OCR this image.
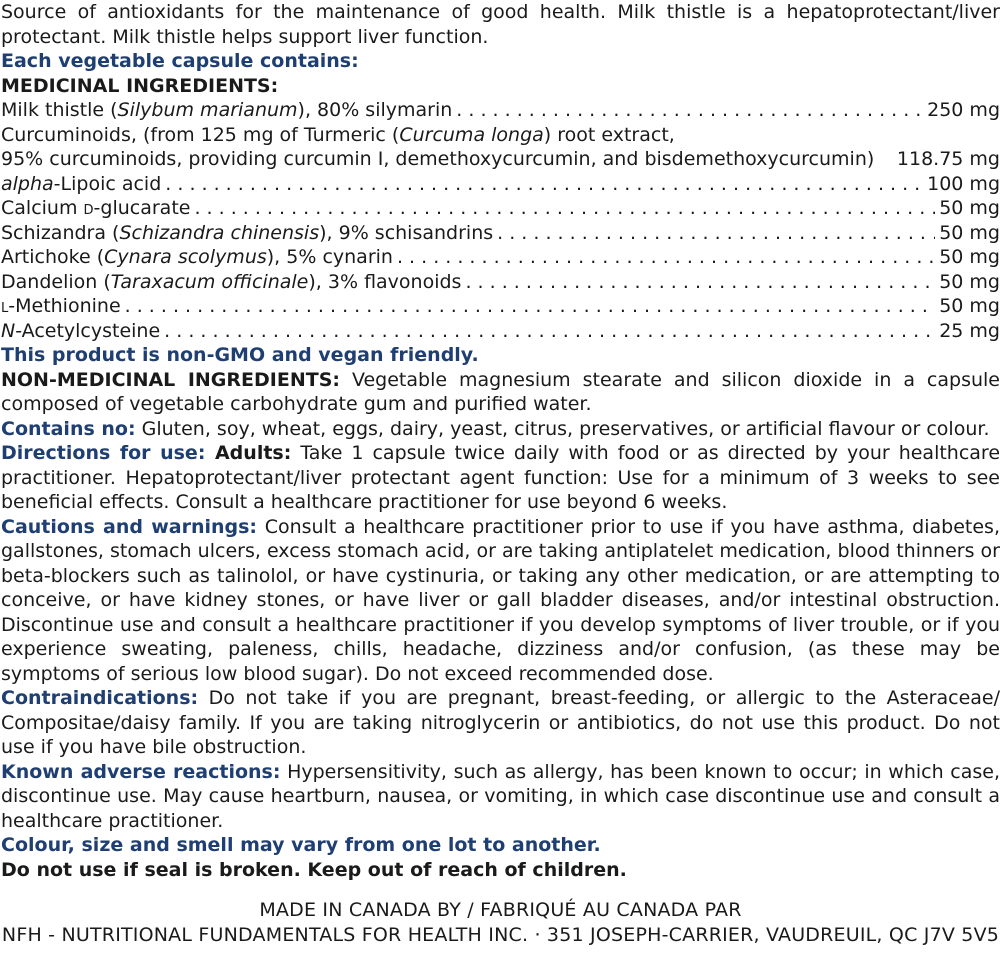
Source of antioxidants for the maintenance of good health. Milk thistle is a hepatoprotectant/liver protectant. Milk thistle helps support liver function.

Each vegetable capsule contains:

MEDICINAL INGREDIENTS:

Milk thistle (Silybum marianum), 80% silymarin . . .	250 mg
Curcuminoids, (from 125 mg of Turmeric (Curcuma longa) root extract,
95% curcuminoids, providing curcumin I, demethoxycurcumin, and bisdemethoxycurcumin) 118.75 mg
alpha-Lipoic acid . . .	100 mg
Calcium d-glucarate . . .	50 mg
Schizandra (Schizandra chinensis), 9% schisandrins . . .	50 mg
Artichoke (Cynara scolymus), 5% cynarin . . .	50 mg
Dandelion (Taraxacum officinale), 3% flavonoids . . .	50 mg
l-Methionine . . .	50 mg
N-Acetylcysteine . . .	25 mg

This product is non-GMO and vegan friendly.

NON-MEDICINAL INGREDIENTS: Vegetable magnesium stearate and silicon dioxide in a capsule composed of vegetable carbohydrate gum and purified water.

Contains no: Gluten, soy, wheat, eggs, dairy, yeast, citrus, preservatives, or artificial flavour or colour.

Directions for use: Adults: Take 1 capsule twice daily with food or as directed by your healthcare practitioner. Hepatoprotectant/liver protectant agent function: Use for a minimum of 3 weeks to see beneficial effects. Consult a healthcare practitioner for use beyond 6 weeks.

Cautions and warnings: Consult a healthcare practitioner prior to use if you have asthma, diabetes, gallstones, stomach ulcers, excess stomach acid, or are taking antiplatelet medication, blood thinners or beta-blockers such as talinolol, or have cystinuria, or taking any other medication, or are attempting to conceive, or have kidney stones, or have liver or gall bladder diseases, and/or intestinal obstruction. Discontinue use and consult a healthcare practitioner if you develop symptoms of liver trouble, or if you experience sweating, paleness, chills, headache, dizziness and/or confusion, (as these may be symptoms of serious low blood sugar). Do not exceed recommended dose.

Contraindications: Do not take if you are pregnant, breast-feeding, or allergic to the Asteraceae/ Compositae/daisy family. If you are taking nitroglycerin or antibiotics, do not use this product. Do not use if you have bile obstruction.

Known adverse reactions: Hypersensitivity, such as allergy, has been known to occur; in which case, discontinue use. May cause heartburn, nausea, or vomiting, in which case discontinue use and consult a healthcare practitioner.

Colour, size and smell may vary from one lot to another.

Do not use if seal is broken. Keep out of reach of children.

MADE IN CANADA BY / FABRIQUÉ AU CANADA PAR
NFH - NUTRITIONAL FUNDAMENTALS FOR HEALTH INC. · 351 JOSEPH-CARRIER, VAUDREUIL, QC J7V 5V5
